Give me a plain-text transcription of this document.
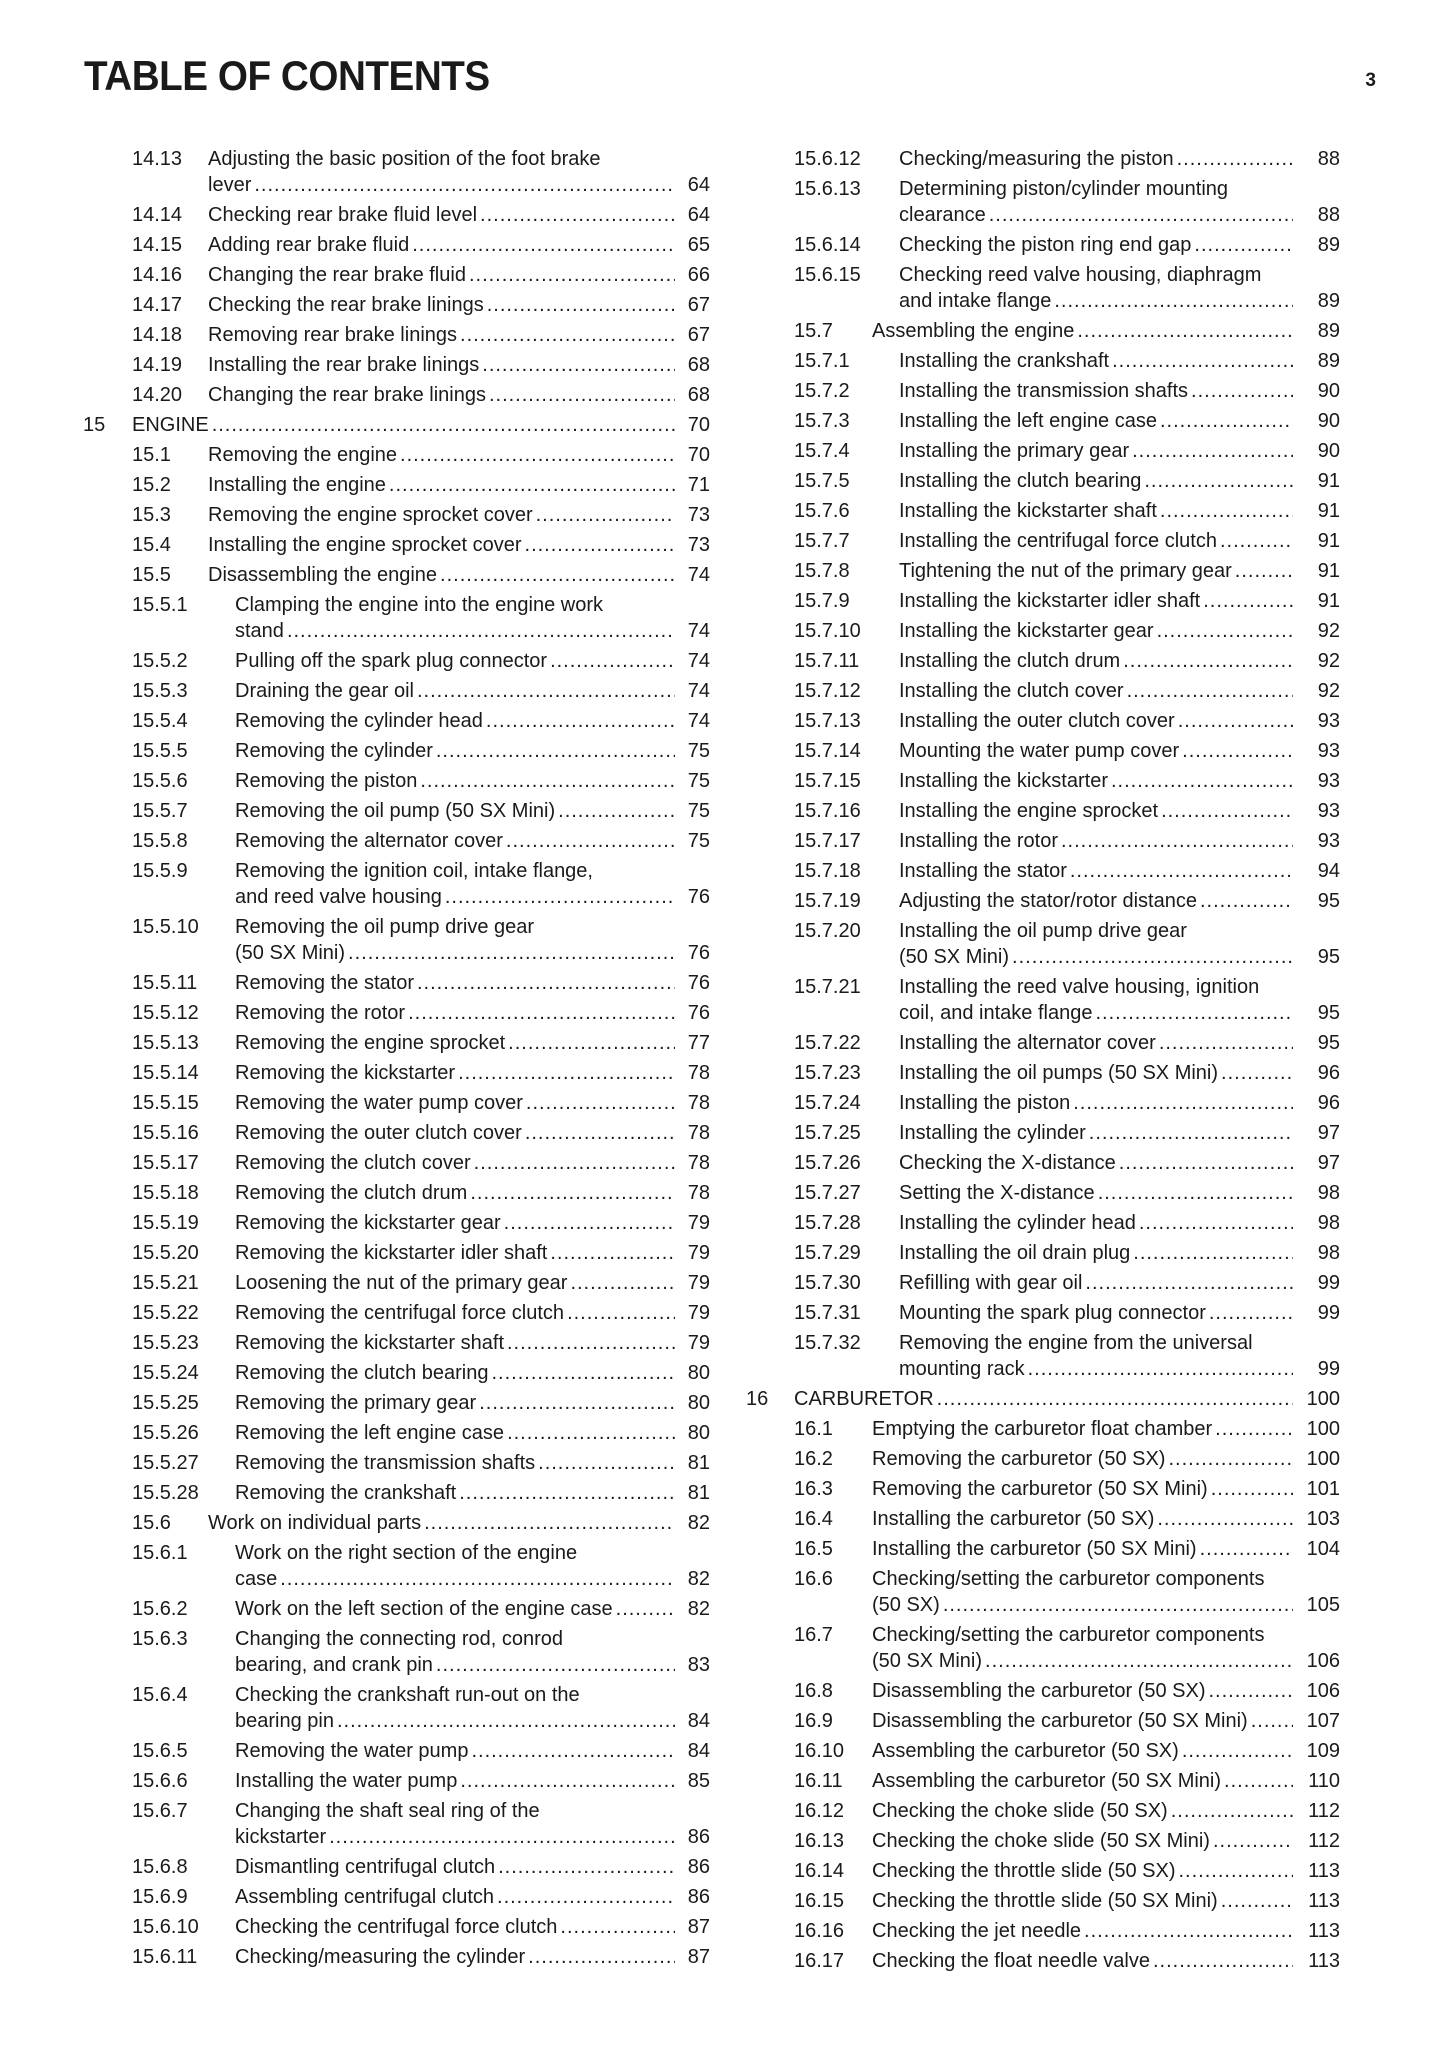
TABLE OF CONTENTS	3
14.13 Adjusting the basic position of the foot brake
lever .....	64
14.14 Checking rear brake fluid level .....	64
14.15 Adding rear brake fluid .....	65
14.16 Changing the rear brake fluid .....	66
14.17 Checking the rear brake linings .....	67
14.18 Removing rear brake linings .....	67
14.19 Installing the rear brake linings .....	68
14.20 Changing the rear brake linings .....	68
15 ENGINE .....	70
15.1 Removing the engine .....	70
15.2 Installing the engine .....	71
15.3 Removing the engine sprocket cover .....	73
15.4 Installing the engine sprocket cover .....	73
15.5 Disassembling the engine .....	74
15.5.1 Clamping the engine into the engine work
stand .....	74
15.5.2 Pulling off the spark plug connector .....	74
15.5.3 Draining the gear oil .....	74
15.5.4 Removing the cylinder head .....	74
15.5.5 Removing the cylinder .....	75
15.5.6 Removing the piston .....	75
15.5.7 Removing the oil pump (50 SX Mini) .....	75
15.5.8 Removing the alternator cover .....	75
15.5.9 Removing the ignition coil, intake flange,
and reed valve housing .....	76
15.5.10 Removing the oil pump drive gear
(50 SX Mini) .....	76
15.5.11 Removing the stator .....	76
15.5.12 Removing the rotor .....	76
15.5.13 Removing the engine sprocket .....	77
15.5.14 Removing the kickstarter .....	78
15.5.15 Removing the water pump cover .....	78
15.5.16 Removing the outer clutch cover .....	78
15.5.17 Removing the clutch cover .....	78
15.5.18 Removing the clutch drum .....	78
15.5.19 Removing the kickstarter gear .....	79
15.5.20 Removing the kickstarter idler shaft .....	79
15.5.21 Loosening the nut of the primary gear .....	79
15.5.22 Removing the centrifugal force clutch .....	79
15.5.23 Removing the kickstarter shaft .....	79
15.5.24 Removing the clutch bearing .....	80
15.5.25 Removing the primary gear .....	80
15.5.26 Removing the left engine case .....	80
15.5.27 Removing the transmission shafts .....	81
15.5.28 Removing the crankshaft .....	81
15.6 Work on individual parts .....	82
15.6.1 Work on the right section of the engine
case .....	82
15.6.2 Work on the left section of the engine case .....	82
15.6.3 Changing the connecting rod, conrod
bearing, and crank pin .....	83
15.6.4 Checking the crankshaft run-out on the
bearing pin .....	84
15.6.5 Removing the water pump .....	84
15.6.6 Installing the water pump .....	85
15.6.7 Changing the shaft seal ring of the
kickstarter .....	86
15.6.8 Dismantling centrifugal clutch .....	86
15.6.9 Assembling centrifugal clutch .....	86
15.6.10 Checking the centrifugal force clutch .....	87
15.6.11 Checking/measuring the cylinder .....	87
15.6.12 Checking/measuring the piston .....	88
15.6.13 Determining piston/cylinder mounting
clearance .....	88
15.6.14 Checking the piston ring end gap .....	89
15.6.15 Checking reed valve housing, diaphragm
and intake flange .....	89
15.7 Assembling the engine .....	89
15.7.1 Installing the crankshaft .....	89
15.7.2 Installing the transmission shafts .....	90
15.7.3 Installing the left engine case .....	90
15.7.4 Installing the primary gear .....	90
15.7.5 Installing the clutch bearing .....	91
15.7.6 Installing the kickstarter shaft .....	91
15.7.7 Installing the centrifugal force clutch .....	91
15.7.8 Tightening the nut of the primary gear .....	91
15.7.9 Installing the kickstarter idler shaft .....	91
15.7.10 Installing the kickstarter gear .....	92
15.7.11 Installing the clutch drum .....	92
15.7.12 Installing the clutch cover .....	92
15.7.13 Installing the outer clutch cover .....	93
15.7.14 Mounting the water pump cover .....	93
15.7.15 Installing the kickstarter .....	93
15.7.16 Installing the engine sprocket .....	93
15.7.17 Installing the rotor .....	93
15.7.18 Installing the stator .....	94
15.7.19 Adjusting the stator/rotor distance .....	95
15.7.20 Installing the oil pump drive gear
(50 SX Mini) .....	95
15.7.21 Installing the reed valve housing, ignition
coil, and intake flange .....	95
15.7.22 Installing the alternator cover .....	95
15.7.23 Installing the oil pumps (50 SX Mini) .....	96
15.7.24 Installing the piston .....	96
15.7.25 Installing the cylinder .....	97
15.7.26 Checking the X-distance .....	97
15.7.27 Setting the X-distance .....	98
15.7.28 Installing the cylinder head .....	98
15.7.29 Installing the oil drain plug .....	98
15.7.30 Refilling with gear oil .....	99
15.7.31 Mounting the spark plug connector .....	99
15.7.32 Removing the engine from the universal
mounting rack .....	99
16 CARBURETOR .....	100
16.1 Emptying the carburetor float chamber .....	100
16.2 Removing the carburetor (50 SX) .....	100
16.3 Removing the carburetor (50 SX Mini) .....	101
16.4 Installing the carburetor (50 SX) .....	103
16.5 Installing the carburetor (50 SX Mini) .....	104
16.6 Checking/setting the carburetor components
(50 SX) .....	105
16.7 Checking/setting the carburetor components
(50 SX Mini) .....	106
16.8 Disassembling the carburetor (50 SX) .....	106
16.9 Disassembling the carburetor (50 SX Mini) .....	107
16.10 Assembling the carburetor (50 SX) .....	109
16.11 Assembling the carburetor (50 SX Mini) .....	110
16.12 Checking the choke slide (50 SX) .....	112
16.13 Checking the choke slide (50 SX Mini) .....	112
16.14 Checking the throttle slide (50 SX) .....	113
16.15 Checking the throttle slide (50 SX Mini) .....	113
16.16 Checking the jet needle .....	113
16.17 Checking the float needle valve .....	113
